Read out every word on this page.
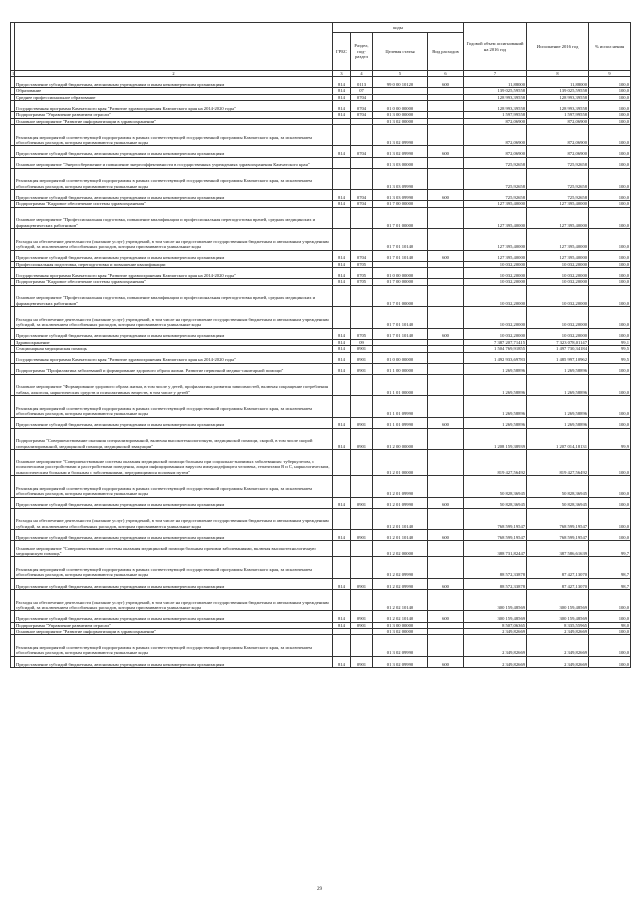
		коды				Годовой объем ассигнований на 2016 год	Исполнение 2016 год	% испол нения
		ГРБС	Раздел, под-раздел	Целевая статья	Вид расходов			
1	2	3	4	5	6	7	8	9
	Предоставление субсидий бюджетным, автономным учреждениям и иным некоммерческим организациям	814	0113	99 0 00 10120	600	11,88000	11,88000	100,0
	Образование	814	07			139 025,59558	139 025,59558	100,0
	Среднее профессиональное образование	814	0704			128 993,39558	128 993,39558	100,0
	Государственная программа Камчатского края "Развитие здравоохранения Камчатского края на 2014-2020 годы"	814	0704	01 0 00 00000		128 993,39558	128 993,39558	100,0
	Подпрограмма "Управление развитием отрасли"	814	0704	01 3 00 00000		1 597,99558	1 597,99558	100,0
	Основное мероприятие "Развитие информатизации в здравоохранении"			01 3 02 00000		872,06900	872,06900	100,0
	Реализация мероприятий соответствующей подпрограммы в рамках соответствующей государственной программы Камчатского края, за исключением обособленных расходов, которым присваиваются уникальные коды			01 3 02 09990		872,06900	872,06900	100,0
	Предоставление субсидий бюджетным, автономным учреждениям и иным некоммерческим организациям	814	0704	01 3 02 09990	600	872,06900	872,06900	100,0
	Основное мероприятие "Энергосбережение и повышение энергоэффективности в государственных учреждениях здравоохранения Камчатского края"			01 3 03 00000		725,92658	725,92658	100,0
	Реализация мероприятий соответствующей подпрограммы в рамках соответствующей государственной программы Камчатского края, за исключением обособленных расходов, которым присваиваются уникальные коды			01 3 03 09990		725,92658	725,92658	100,0
	Предоставление субсидий бюджетным, автономным учреждениям и иным некоммерческим организациям	814	0704	01 3 03 09990	600	725,92658	725,92658	100,0
	Подпрограмма "Кадровое обеспечение системы здравоохранения"	814	0704	01 7 00 00000		127 395,40000	127 395,40000	100,0
	Основное мероприятие "Профессиональная подготовка, повышение квалификации и профессиональная переподготовка врачей, средних медицинских и фармацевтических работников"			01 7 01 00000		127 395,40000	127 395,40000	100,0
	Расходы на обеспечение деятельности (оказание услуг) учреждений, в том числе на предоставление государственным бюджетным и автономным учреждениям субсидий, за исключением обособленных расходов, которым присваиваются уникальные коды			01 7 01 10140		127 395,40000	127 395,40000	100,0
	Предоставление субсидий бюджетным, автономным учреждениям и иным некоммерческим организациям	814	0704	01 7 01 10140	600	127 395,40000	127 395,40000	100,0
	Профессиональная подготовка, переподготовка и повышение квалификации	814	0705			10 032,20000	10 032,20000	100,0
	Государственная программа Камчатского края "Развитие здравоохранения Камчатского края на 2014-2020 годы"	814	0705	01 0 00 00000		10 032,20000	10 032,20000	100,0
	Подпрограмма "Кадровое обеспечение системы здравоохранения"	814	0705	01 7 00 00000		10 032,20000	10 032,20000	100,0
	Основное мероприятие "Профессиональная подготовка, повышение квалификации и профессиональная переподготовка врачей, средних медицинских и фармацевтических работников"			01 7 01 00000		10 032,20000	10 032,20000	100,0
	Расходы на обеспечение деятельности (оказание услуг) учреждений, в том числе на предоставление государственным бюджетным и автономным учреждениям субсидий, за исключением обособленных расходов, которым присваиваются уникальные коды			01 7 01 10140		10 032,20000	10 032,20000	100,0
	Предоставление субсидий бюджетным, автономным учреждениям и иным некоммерческим организациям	814	0705	01 7 01 10140	600	10 032,20000	10 032,20000	100,0
	Здравоохранение	814	09			7 387 207,71415	7 323 078,01147	99,1
	Стационарная медицинская помощь	814	0901			1 504 769,91855	1 497 730,34184	99,5
	Государственная программа Камчатского края "Развитие здравоохранения Камчатского края на 2014-2020 годы"	814	0901	01 0 00 00000		1 492 933,69783	1 485 997,10962	99,5
	Подпрограмма "Профилактика заболеваний и формирование здорового образа жизни. Развитие первичной медико-санитарной помощи"	814	0901	01 1 00 00000		1 269,58896	1 269,58896	100,0
	Основное мероприятие "Формирование здорового образа жизни, в том числе у детей, профилактика развития зависимостей, включая сокращение потребления табака, алкоголя, наркотических средств и психоактивных веществ, в том числе у детей"			01 1 01 00000		1 269,58896	1 269,58896	100,0
	Реализация мероприятий соответствующей подпрограммы в рамках соответствующей государственной программы Камчатского края, за исключением обособленных расходов, которым присваиваются уникальные коды			01 1 01 09990		1 269,58896	1 269,58896	100,0
	Предоставление субсидий бюджетным, автономным учреждениям и иным некоммерческим организациям	814	0901	01 1 01 09990	600	1 269,58896	1 269,58896	100,0
	Подпрограмма "Совершенствование оказания специализированной, включая высокотехнологичную, медицинской помощи, скорой, в том числе скорой специализированной, медицинской помощи, медицинской эвакуации"	814	0901	01 2 00 00000		1 208 159,38939	1 207 014,18131	99,9
	Основное мероприятие "Совершенствование системы оказания медицинской помощи больным при социально-значимых заболеваниях: туберкулезом, с психическими расстройствами и расстройствами поведения, лицам инфицированным вирусом иммунодефицита человека, гепатитами B и C, наркологическим, онкологическим больным и больным с заболеваниями, передающимися половым путем"			01 2 01 00000		819 427,56492	819 427,56492	100,0
	Реализация мероприятий соответствующей подпрограммы в рамках соответствующей государственной программы Камчатского края, за исключением обособленных расходов, которым присваиваются уникальные коды			01 2 01 09990		50 828,36945	50 828,36945	100,0
	Предоставление субсидий бюджетным, автономным учреждениям и иным некоммерческим организациям	814	0901	01 2 01 09990	600	50 828,36945	50 828,36945	100,0
	Расходы на обеспечение деятельности (оказание услуг) учреждений, в том числе на предоставление государственным бюджетным и автономным учреждениям субсидий, за исключением обособленных расходов, которым присваиваются уникальные коды			01 2 01 10140		768 599,19547	768 599,19547	100,0
	Предоставление субсидий бюджетным, автономным учреждениям и иным некоммерческим организациям	814	0901	01 2 01 10140	600	768 599,19547	768 599,19547	100,0
	Основное мероприятие "Совершенствование системы оказания медицинской помощи больным прочими заболеваниями, включая высокотехнологичную медицинскую помощь"			01 2 02 00000		388 731,82447	387 586,61639	99,7
	Реализация мероприятий соответствующей подпрограммы в рамках соответствующей государственной программы Камчатского края, за исключением обособленных расходов, которым присваиваются уникальные коды			01 2 02 09990		88 572,33878	87 427,13070	98,7
	Предоставление субсидий бюджетным, автономным учреждениям и иным некоммерческим организациям	814	0901	01 2 02 09990	600	88 572,33878	87 427,13070	98,7
	Расходы на обеспечение деятельности (оказание услуг) учреждений, в том числе на предоставление государственным бюджетным и автономным учреждениям субсидий, за исключением обособленных расходов, которым присваиваются уникальные коды			01 2 02 10140		300 159,48569	300 159,48569	100,0
	Предоставление субсидий бюджетным, автономным учреждениям и иным некоммерческим организациям	814	0901	01 2 02 10140	600	300 159,48569	300 159,48569	100,0
	Подпрограмма "Управление развитием отрасли"	814	0901	01 3 00 00000		8 507,06365	8 335,55965	98,0
	Основное мероприятие "Развитие информатизации в здравоохранении"			01 3 02 00000		2 349,82669	2 349,82669	100,0
	Реализация мероприятий соответствующей подпрограммы в рамках соответствующей государственной программы Камчатского края, за исключением обособленных расходов, которым присваиваются уникальные коды			01 3 02 09990		2 349,82669	2 349,82669	100,0
	Предоставление субсидий бюджетным, автономным учреждениям и иным некоммерческим организациям	814	0901	01 3 02 09990	600	2 349,82669	2 349,82669	100,0
29
